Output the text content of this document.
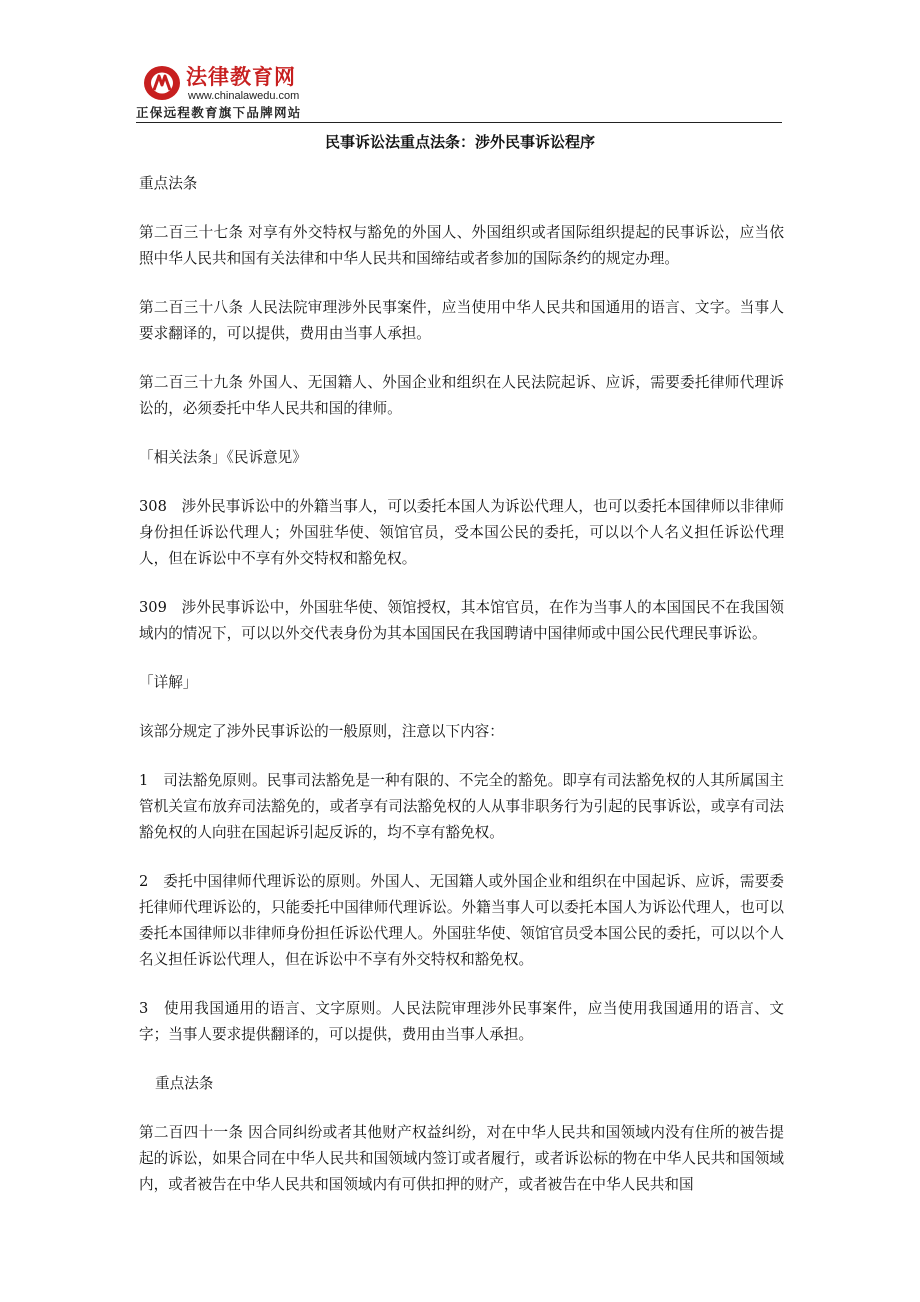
法律教育网
www.chinalawedu.com
正保远程教育旗下品牌网站
民事诉讼法重点法条：涉外民事诉讼程序

重点法条

第二百三十七条 对享有外交特权与豁免的外国人、外国组织或者国际组织提起的民事诉讼，应当依照中华人民共和国有关法律和中华人民共和国缔结或者参加的国际条约的规定办理。

第二百三十八条 人民法院审理涉外民事案件，应当使用中华人民共和国通用的语言、文字。当事人要求翻译的，可以提供，费用由当事人承担。

第二百三十九条 外国人、无国籍人、外国企业和组织在人民法院起诉、应诉，需要委托律师代理诉讼的，必须委托中华人民共和国的律师。

「相关法条」《民诉意见》

308　涉外民事诉讼中的外籍当事人，可以委托本国人为诉讼代理人，也可以委托本国律师以非律师身份担任诉讼代理人；外国驻华使、领馆官员，受本国公民的委托，可以以个人名义担任诉讼代理人，但在诉讼中不享有外交特权和豁免权。

309　涉外民事诉讼中，外国驻华使、领馆授权，其本馆官员，在作为当事人的本国国民不在我国领域内的情况下，可以以外交代表身份为其本国国民在我国聘请中国律师或中国公民代理民事诉讼。

「详解」

该部分规定了涉外民事诉讼的一般原则，注意以下内容：

1　司法豁免原则。民事司法豁免是一种有限的、不完全的豁免。即享有司法豁免权的人其所属国主管机关宣布放弃司法豁免的，或者享有司法豁免权的人从事非职务行为引起的民事诉讼，或享有司法豁免权的人向驻在国起诉引起反诉的，均不享有豁免权。

2　委托中国律师代理诉讼的原则。外国人、无国籍人或外国企业和组织在中国起诉、应诉，需要委托律师代理诉讼的，只能委托中国律师代理诉讼。外籍当事人可以委托本国人为诉讼代理人，也可以委托本国律师以非律师身份担任诉讼代理人。外国驻华使、领馆官员受本国公民的委托，可以以个人名义担任诉讼代理人，但在诉讼中不享有外交特权和豁免权。

3　使用我国通用的语言、文字原则。人民法院审理涉外民事案件，应当使用我国通用的语言、文字；当事人要求提供翻译的，可以提供，费用由当事人承担。

重点法条

第二百四十一条 因合同纠纷或者其他财产权益纠纷，对在中华人民共和国领域内没有住所的被告提起的诉讼，如果合同在中华人民共和国领域内签订或者履行，或者诉讼标的物在中华人民共和国领域内，或者被告在中华人民共和国领域内有可供扣押的财产，或者被告在中华人民共和国
